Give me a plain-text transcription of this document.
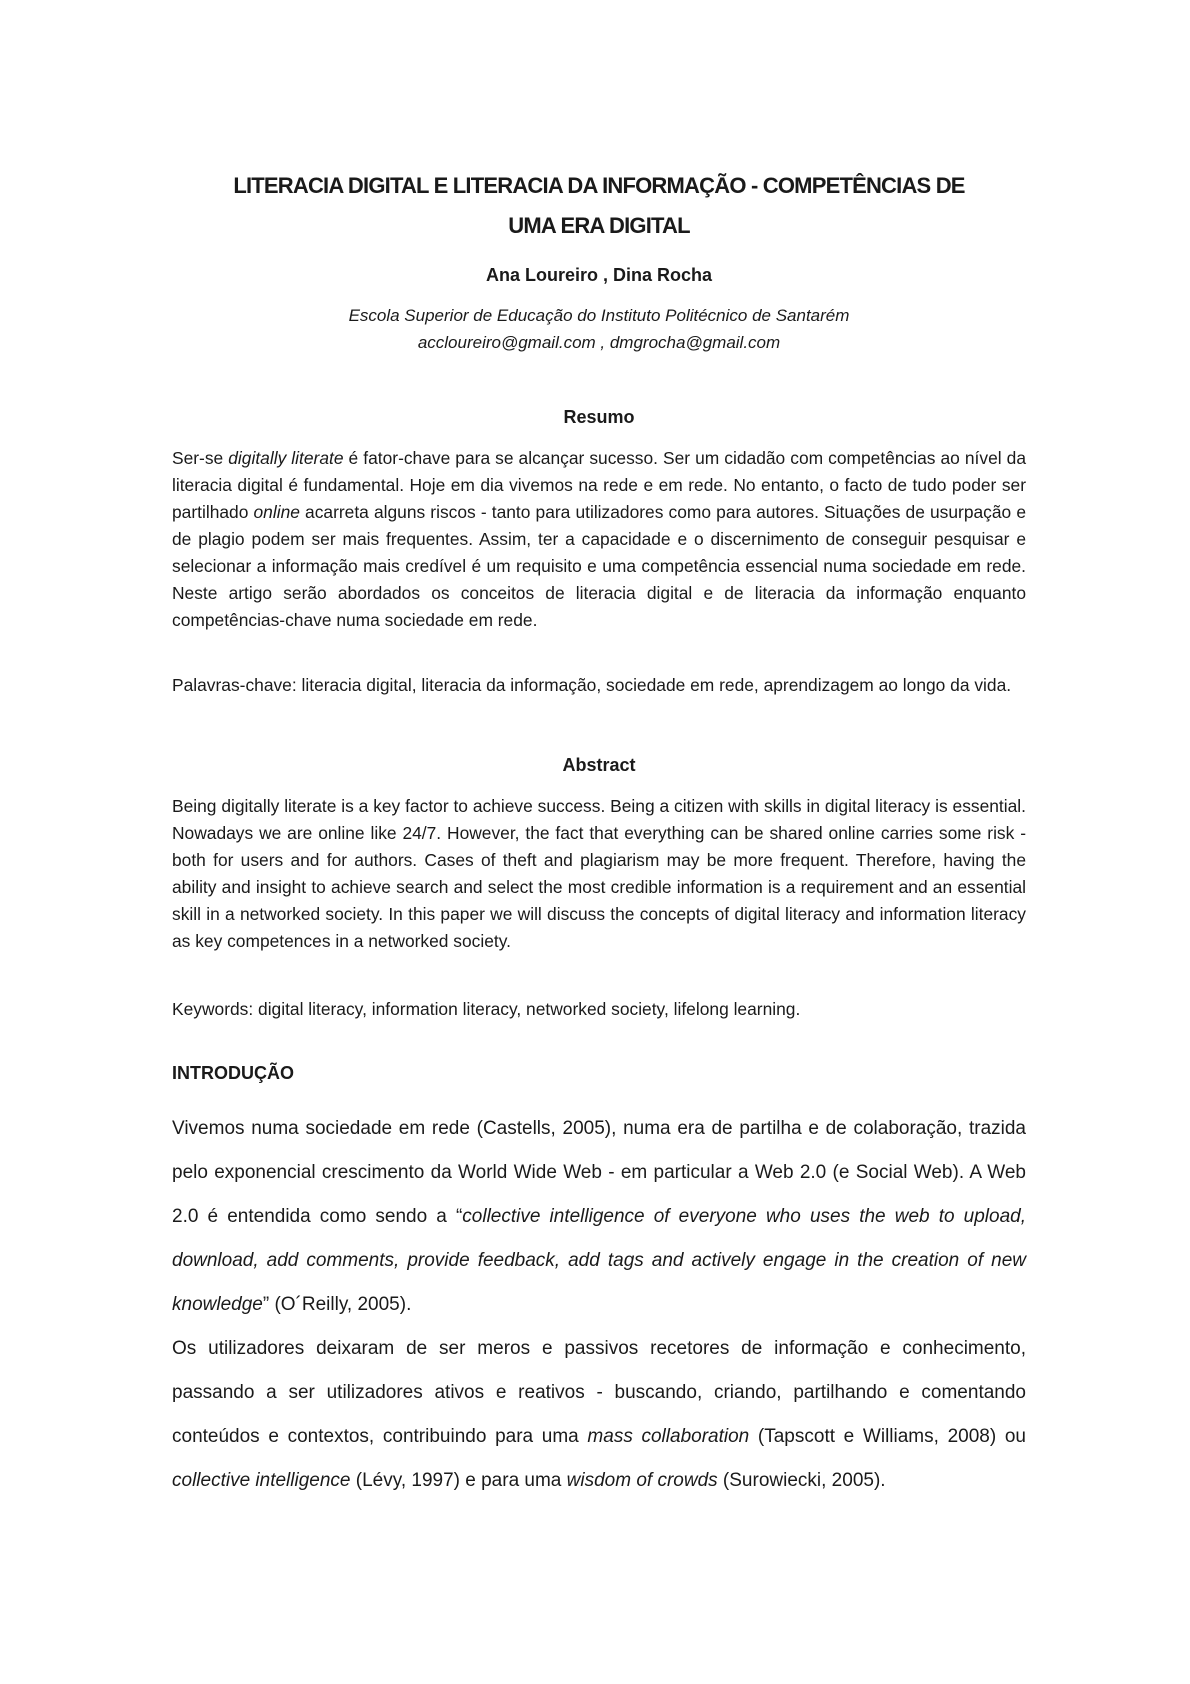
LITERACIA DIGITAL E LITERACIA DA INFORMAÇÃO - COMPETÊNCIAS DE
UMA ERA DIGITAL
Ana Loureiro , Dina Rocha
Escola Superior de Educação do Instituto Politécnico de Santarém
accloureiro@gmail.com , dmgrocha@gmail.com
Resumo

Ser-se digitally literate é fator-chave para se alcançar sucesso. Ser um cidadão com competências ao nível da literacia digital é fundamental. Hoje em dia vivemos na rede e em rede. No entanto, o facto de tudo poder ser partilhado online acarreta alguns riscos - tanto para utilizadores como para autores. Situações de usurpação e de plagio podem ser mais frequentes. Assim, ter a capacidade e o discernimento de conseguir pesquisar e selecionar a informação mais credível é um requisito e uma competência essencial numa sociedade em rede. Neste artigo serão abordados os conceitos de literacia digital e de literacia da informação enquanto competências-chave numa sociedade em rede.

Palavras-chave: literacia digital, literacia da informação, sociedade em rede, aprendizagem ao longo da vida.

Abstract

Being digitally literate is a key factor to achieve success. Being a citizen with skills in digital literacy is essential. Nowadays we are online like 24/7. However, the fact that everything can be shared online carries some risk - both for users and for authors. Cases of theft and plagiarism may be more frequent. Therefore, having the ability and insight to achieve search and select the most credible information is a requirement and an essential skill in a networked society. In this paper we will discuss the concepts of digital literacy and information literacy as key competences in a networked society.

Keywords: digital literacy, information literacy, networked society, lifelong learning.

INTRODUÇÃO

Vivemos numa sociedade em rede (Castells, 2005), numa era de partilha e de colaboração, trazida pelo exponencial crescimento da World Wide Web - em particular a Web 2.0 (e Social Web). A Web 2.0 é entendida como sendo a “collective intelligence of everyone who uses the web to upload, download, add comments, provide feedback, add tags and actively engage in the creation of new knowledge” (O´Reilly, 2005).

Os utilizadores deixaram de ser meros e passivos recetores de informação e conhecimento, passando a ser utilizadores ativos e reativos - buscando, criando, partilhando e comentando conteúdos e contextos, contribuindo para uma mass collaboration (Tapscott e Williams, 2008) ou collective intelligence (Lévy, 1997) e para uma wisdom of crowds (Surowiecki, 2005).
